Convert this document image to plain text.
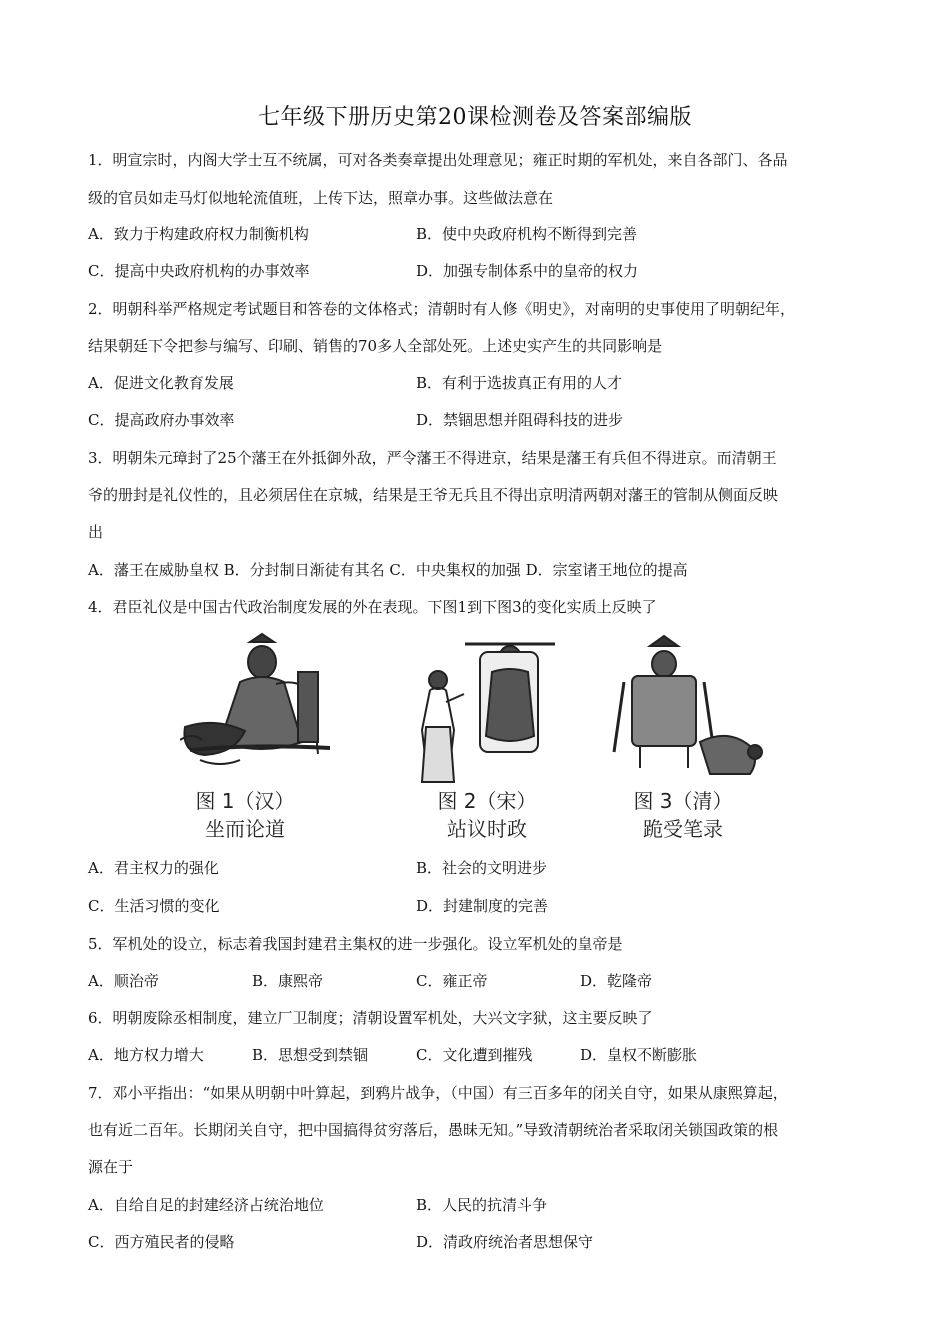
七年级下册历史第20课检测卷及答案部编版
1．明宣宗时，内阁大学士互不统属，可对各类奏章提出处理意见；雍正时期的军机处，来自各部门、各品
级的官员如走马灯似地轮流值班，上传下达，照章办事。这些做法意在
A．致力于构建政府权力制衡机构	B．使中央政府机构不断得到完善
C．提高中央政府机构的办事效率	D．加强专制体系中的皇帝的权力
2．明朝科举严格规定考试题目和答卷的文体格式；清朝时有人修《明史》，对南明的史事使用了明朝纪年，
结果朝廷下令把参与编写、印刷、销售的70多人全部处死。上述史实产生的共同影响是
A．促进文化教育发展	B．有利于选拔真正有用的人才
C．提高政府办事效率	D．禁锢思想并阻碍科技的进步
3．明朝朱元璋封了25个藩王在外抵御外敌，严令藩王不得进京，结果是藩王有兵但不得进京。而清朝王
爷的册封是礼仪性的，且必须居住在京城，结果是王爷无兵且不得出京明清两朝对藩王的管制从侧面反映
出
A．藩王在威胁皇权 B．分封制日渐徒有其名 C．中央集权的加强 D．宗室诸王地位的提高
4．君臣礼仪是中国古代政治制度发展的外在表现。下图1到下图3的变化实质上反映了
图 1（汉）
坐而论道
图 2（宋）
站议时政
图 3（清）
跪受笔录
A．君主权力的强化	B．社会的文明进步
C．生活习惯的变化	D．封建制度的完善
5．军机处的设立，标志着我国封建君主集权的进一步强化。设立军机处的皇帝是
A．顺治帝	B．康熙帝	C．雍正帝	D．乾隆帝
6．明朝废除丞相制度，建立厂卫制度；清朝设置军机处，大兴文字狱，这主要反映了
A．地方权力增大	B．思想受到禁锢	C．文化遭到摧残	D．皇权不断膨胀
7．邓小平指出：“如果从明朝中叶算起，到鸦片战争，（中国）有三百多年的闭关自守，如果从康熙算起，
也有近二百年。长期闭关自守，把中国搞得贫穷落后，愚昧无知。”导致清朝统治者采取闭关锁国政策的根
源在于
A．自给自足的封建经济占统治地位	B．人民的抗清斗争
C．西方殖民者的侵略	D．清政府统治者思想保守
